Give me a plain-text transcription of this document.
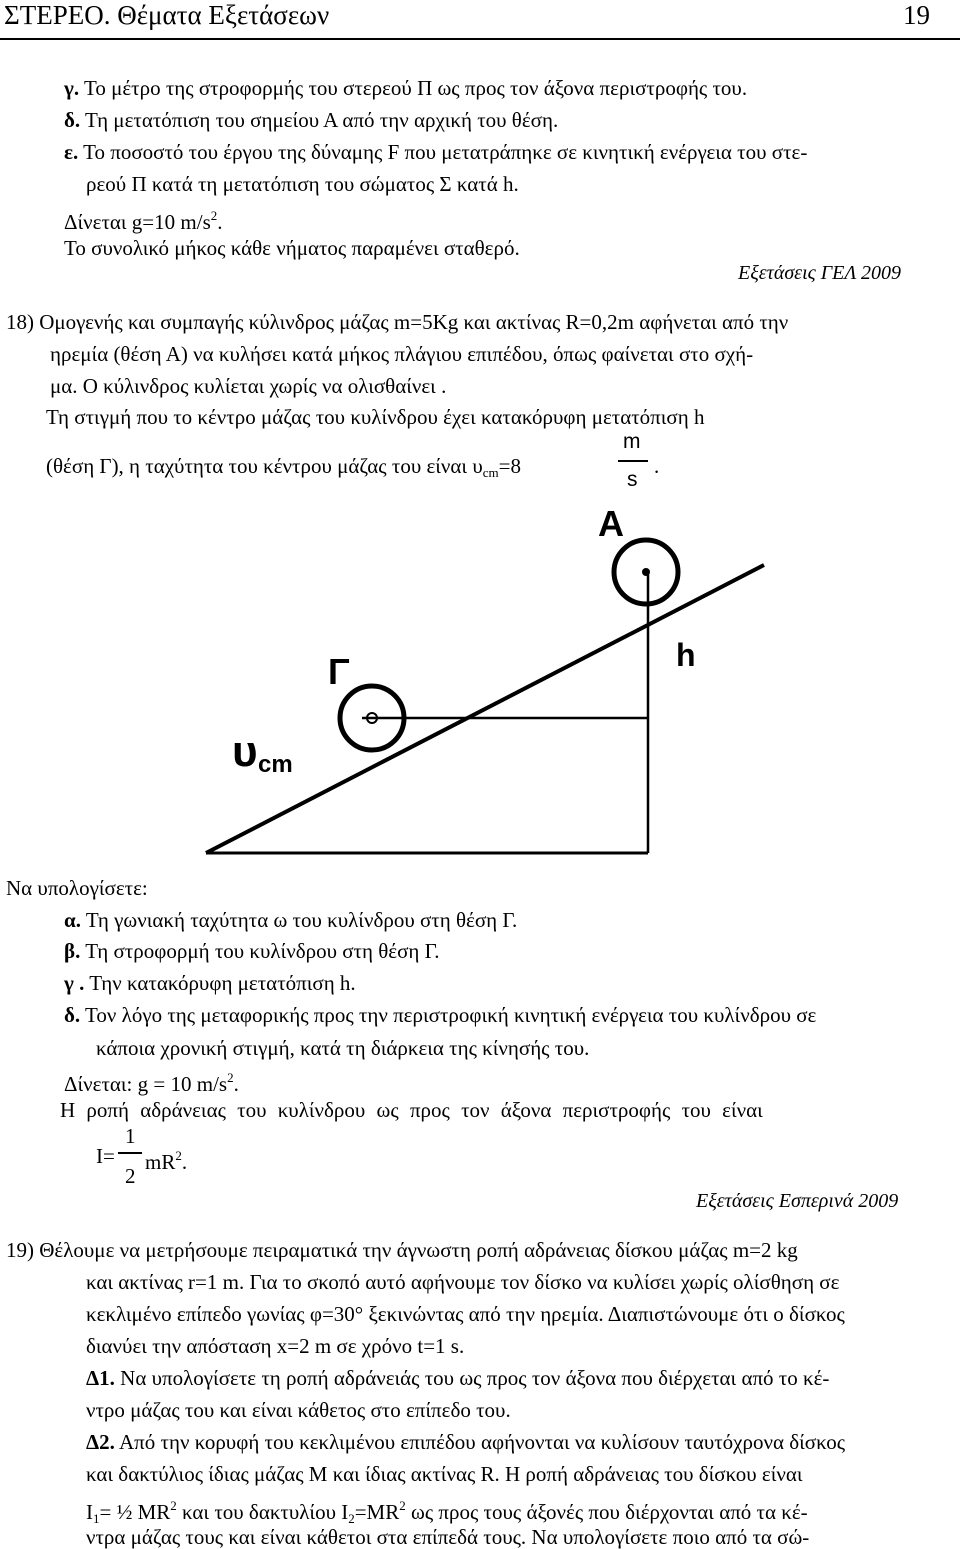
ΣΤΕΡΕΟ. Θέματα Εξετάσεων	19
γ. Το μέτρο της στροφορμής του στερεού Π ως προς τον άξονα περιστροφής του.
δ. Τη μετατόπιση του σημείου Α από την αρχική του θέση.
ε. Το ποσοστό του έργου της δύναμης F που μετατράπηκε σε κινητική ενέργεια του στε-
ρεού Π κατά τη μετατόπιση του σώματος Σ κατά h.
Δίνεται g=10 $m/s^2$.
Το συνολικό μήκος κάθε νήματος παραμένει σταθερό.
Εξετάσεις ΓΕΛ 2009
18) Ομογενής και συμπαγής κύλινδρος μάζας m=5Kg και ακτίνας R=0,2m αφήνεται από την
ηρεμία (θέση Α) να κυλήσει κατά μήκος πλάγιου επιπέδου, όπως φαίνεται στο σχή-
μα. Ο κύλινδρος κυλίεται χωρίς να ολισθαίνει .
Τη στιγμή που το κέντρο μάζας του κυλίνδρου έχει κατακόρυφη μετατόπιση h
(θέση Γ), η ταχύτητα του κέντρου μάζας του είναι $\upsilon_{cm}=8$
m
s
.
Α
Γ	h
υ cm
Να υπολογίσετε:
α. Τη γωνιακή ταχύτητα ω του κυλίνδρου στη θέση Γ.
β. Τη στροφορμή του κυλίνδρου στη θέση Γ.
γ . Την κατακόρυφη μετατόπιση h.
δ. Τον λόγο της μεταφορικής προς την περιστροφική κινητική ενέργεια του κυλίνδρου σε
κάποια χρονική στιγμή, κατά τη διάρκεια της κίνησής του.
Δίνεται: g = 10 $m/s^2$.
Η ροπή αδράνειας του κυλίνδρου ως προς τον άξονα περιστροφής του είναι
I=
1
2
$mR^2$.
Εξετάσεις Εσπερινά 2009
19) Θέλουμε να μετρήσουμε πειραματικά την άγνωστη ροπή αδράνειας δίσκου μάζας m=2 kg
και ακτίνας r=1 m. Για το σκοπό αυτό αφήνουμε τον δίσκο να κυλίσει χωρίς ολίσθηση σε
κεκλιμένο επίπεδο γωνίας φ=30° ξεκινώντας από την ηρεμία. Διαπιστώνουμε ότι ο δίσκος
διανύει την απόσταση x=2 m σε χρόνο t=1 s.
Δ1. Να υπολογίσετε τη ροπή αδράνειάς του ως προς τον άξονα που διέρχεται από το κέ-
ντρο μάζας του και είναι κάθετος στο επίπεδο του.
Δ2. Από την κορυφή του κεκλιμένου επιπέδου αφήνονται να κυλίσουν ταυτόχρονα δίσκος
και δακτύλιος ίδιας μάζας Μ και ίδιας ακτίνας R. Η ροπή αδράνειας του δίσκου είναι
$I_1=$ ½ $MR^2$ και του δακτυλίου $I_2=MR^2$ ως προς τους άξονές που διέρχονται από τα κέ-
ντρα μάζας τους και είναι κάθετοι στα επίπεδά τους. Να υπολογίσετε ποιο από τα σώ-
